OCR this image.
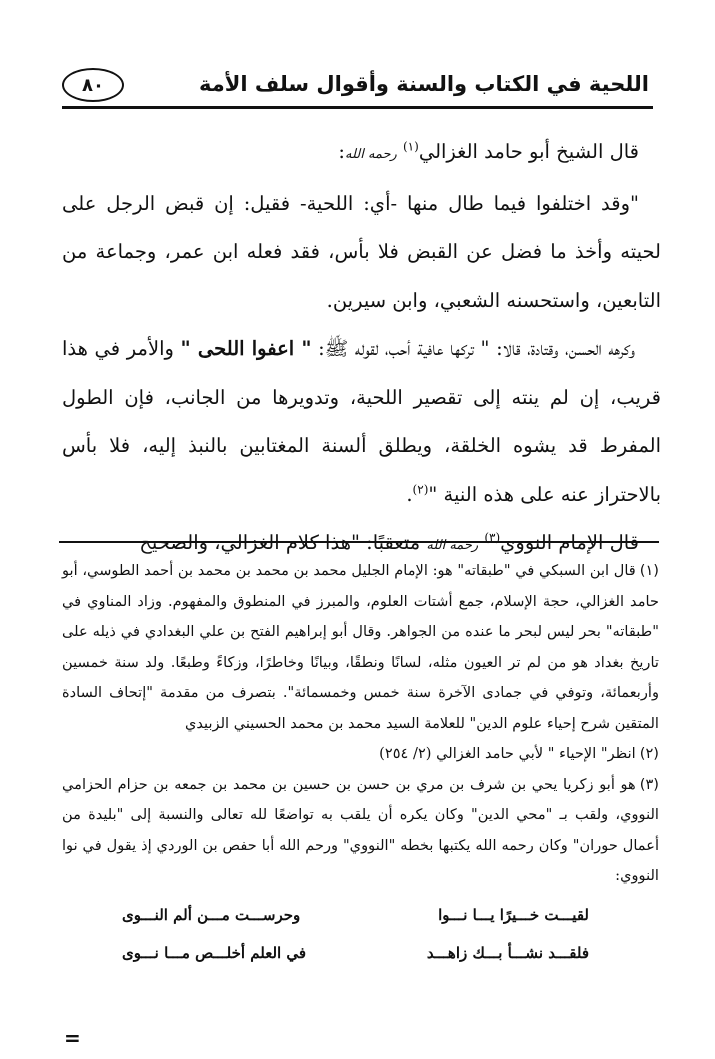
٨٠	اللحية في الكتاب والسنة وأقوال سلف الأمة

قال الشيخ أبو حامد الغزالي$^{(١)}$ رحمه الله:

"وقد اختلفوا فيما طال منها -أي: اللحية- فقيل: إن قبض الرجل على لحيته وأخذ ما فضل عن القبض فلا بأس، فقد فعله ابن عمر، وجماعة من التابعين، واستحسنه الشعبي، وابن سيرين.

وكرهه الحسن، وقتادة، قالا: " تركها عافية أحب، لقوله ﷺ: " اعفوا اللحى " والأمر في هذا قريب، إن لم ينته إلى تقصير اللحية، وتدويرها من الجانب، فإن الطول المفرط قد يشوه الخلقة، ويطلق ألسنة المغتابين بالنبذ إليه، فلا بأس بالاحتراز عنه على هذه النية "$^{(٢)}$.

قال الإمام النووي$^{(٣)}$ رحمه الله متعقبًا: "هذا كلام الغزالي، والصحيح

(١)قال ابن السبكي في "طبقاته" هو: الإمام الجليل محمد بن محمد بن محمد بن أحمد الطوسي، أبو حامد الغزالي، حجة الإسلام، جمع أشتات العلوم، والمبرز في المنطوق والمفهوم. وزاد المناوي في "طبقاته" بحر ليس لبحر ما عنده من الجواهر. وقال أبو إبراهيم الفتح بن علي البغدادي في ذيله على تاريخ بغداد هو من لم تر العيون مثله، لسانًا ونطقًا، وبيانًا وخاطرًا، وزكاءً وطبعًا. ولد سنة خمسين وأربعمائة، وتوفي في جمادى الآخرة سنة خمس وخمسمائة". بتصرف من مقدمة "إتحاف السادة المتقين شرح إحياء علوم الدين" للعلامة السيد محمد بن محمد الحسيني الزبيدي

(٢)انظر" الإحياء " لأبي حامد الغزالي (٢/ ٢٥٤)

(٣)هو أبو زكريا يحي بن شرف بن مري بن حسن بن حسين بن محمد بن جمعه بن حزام الحزامي النووي، ولقب بـ "محي الدين" وكان يكره أن يلقب به تواضعًا لله تعالى والنسبة إلى "بليدة من أعمال حوران" وكان رحمه الله يكتبها بخطه "النووي" ورحم الله أبا حفص بن الوردي إذ يقول في نوا النووي:

لقيـــت خـــيرًا يـــا نـــوا
وحرســـت مـــن ألم النـــوى
فلقـــد نشـــأ بـــك زاهـــد
في العلم أخلـــص مـــا نـــوى
=
